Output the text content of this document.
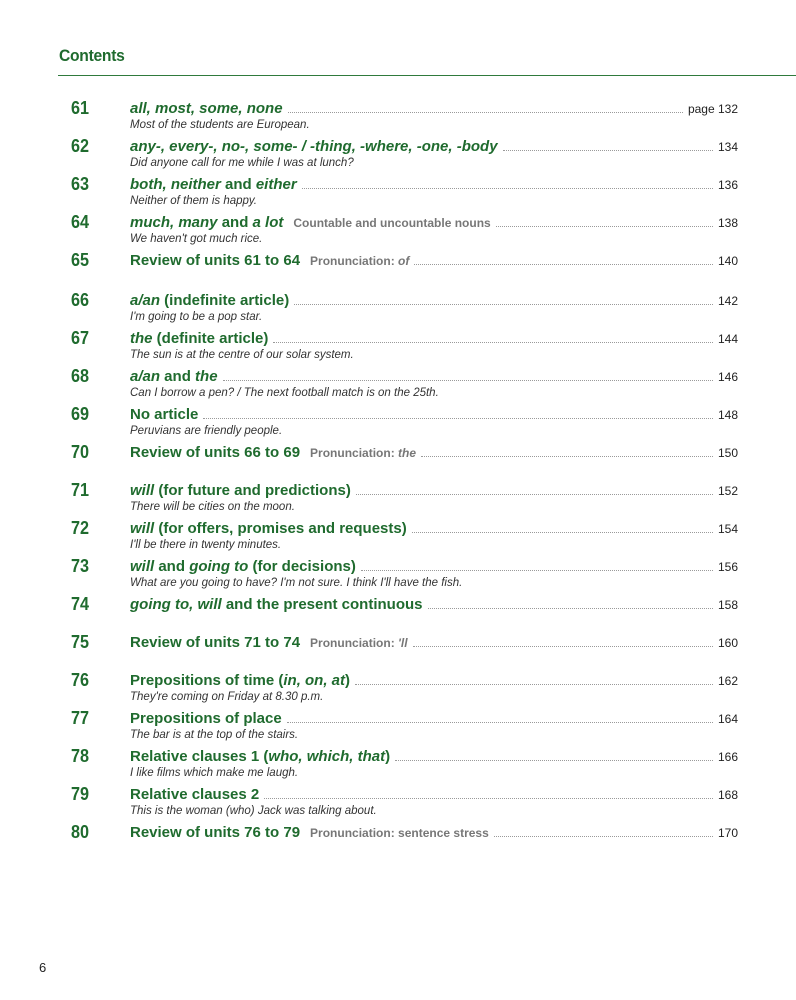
Contents
61	all, most, some, none	page 132
Most of the students are European.
62	any-, every-, no-, some- / -thing, -where, -one, -body	134
Did anyone call for me while I was at lunch?
63	both, neither and either	136
Neither of them is happy.
64	much, many and a lot Countable and uncountable nouns	138
We haven't got much rice.
65	Review of units 61 to 64 Pronunciation: of	140
66	a/an (indefinite article)	142
I'm going to be a pop star.
67	the (definite article)	144
The sun is at the centre of our solar system.
68	a/an and the	146
Can I borrow a pen? / The next football match is on the 25th.
69	No article	148
Peruvians are friendly people.
70	Review of units 66 to 69 Pronunciation: the	150
71	will (for future and predictions)	152
There will be cities on the moon.
72	will (for offers, promises and requests)	154
I'll be there in twenty minutes.
73	will and going to (for decisions)	156
What are you going to have? I'm not sure. I think I'll have the fish.
74	going to, will and the present continuous	158
75	Review of units 71 to 74 Pronunciation: 'll	160
76	Prepositions of time (in, on, at)	162
They're coming on Friday at 8.30 p.m.
77	Prepositions of place	164
The bar is at the top of the stairs.
78	Relative clauses 1 (who, which, that)	166
I like films which make me laugh.
79	Relative clauses 2	168
This is the woman (who) Jack was talking about.
80	Review of units 76 to 79 Pronunciation: sentence stress	170
6
